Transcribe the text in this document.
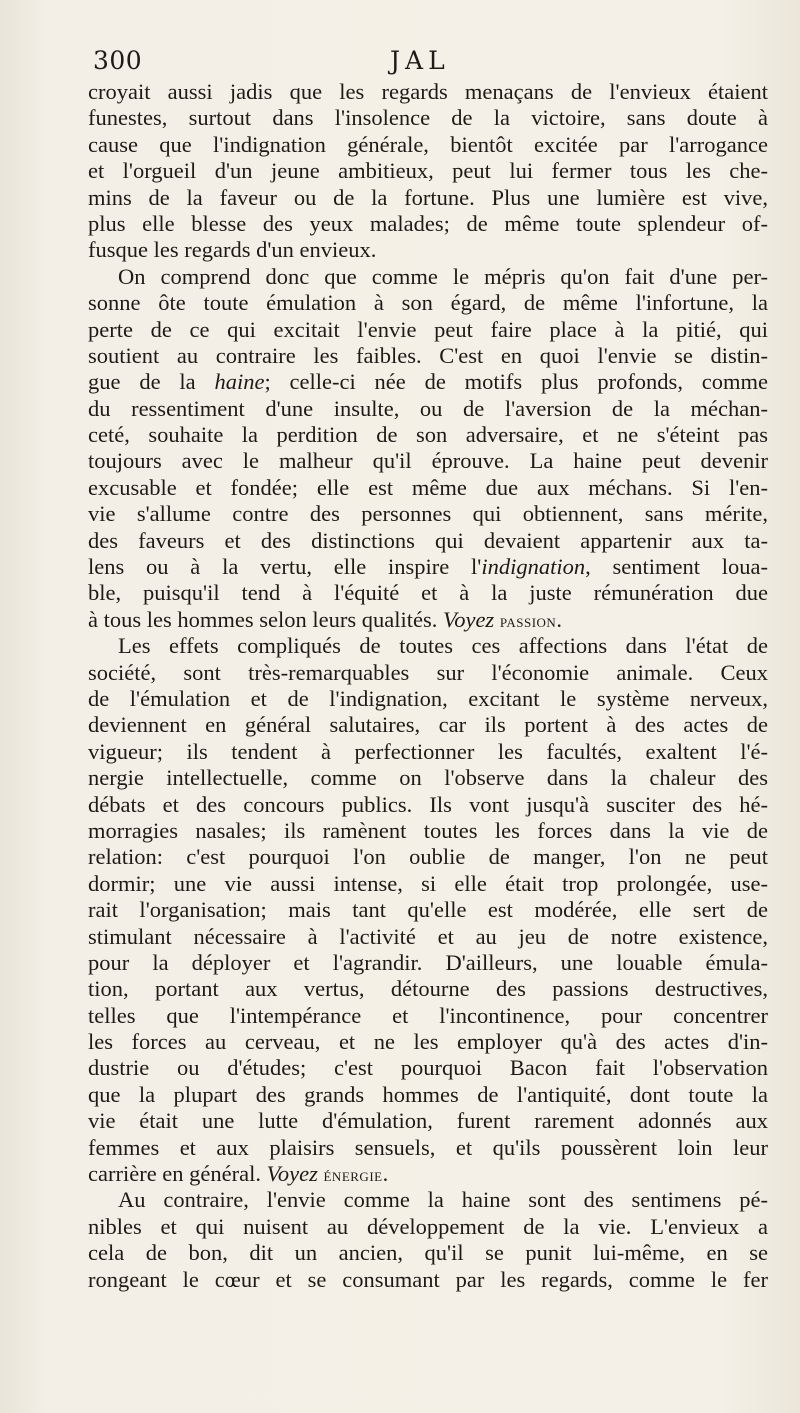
300	JAL
croyait aussi jadis que les regards menaçans de l'envieux étaient
funestes, surtout dans l'insolence de la victoire, sans doute à
cause que l'indignation générale, bientôt excitée par l'arrogance
et l'orgueil d'un jeune ambitieux, peut lui fermer tous les che-
mins de la faveur ou de la fortune. Plus une lumière est vive,
plus elle blesse des yeux malades; de même toute splendeur of-
fusque les regards d'un envieux.
On comprend donc que comme le mépris qu'on fait d'une per-
sonne ôte toute émulation à son égard, de même l'infortune, la
perte de ce qui excitait l'envie peut faire place à la pitié, qui
soutient au contraire les faibles. C'est en quoi l'envie se distin-
gue de la haine; celle-ci née de motifs plus profonds, comme
du ressentiment d'une insulte, ou de l'aversion de la méchan-
ceté, souhaite la perdition de son adversaire, et ne s'éteint pas
toujours avec le malheur qu'il éprouve. La haine peut devenir
excusable et fondée; elle est même due aux méchans. Si l'en-
vie s'allume contre des personnes qui obtiennent, sans mérite,
des faveurs et des distinctions qui devaient appartenir aux ta-
lens ou à la vertu, elle inspire l'indignation, sentiment loua-
ble, puisqu'il tend à l'équité et à la juste rémunération due
à tous les hommes selon leurs qualités. Voyez passion.
Les effets compliqués de toutes ces affections dans l'état de
société, sont très-remarquables sur l'économie animale. Ceux
de l'émulation et de l'indignation, excitant le système nerveux,
deviennent en général salutaires, car ils portent à des actes de
vigueur; ils tendent à perfectionner les facultés, exaltent l'é-
nergie intellectuelle, comme on l'observe dans la chaleur des
débats et des concours publics. Ils vont jusqu'à susciter des hé-
morragies nasales; ils ramènent toutes les forces dans la vie de
relation: c'est pourquoi l'on oublie de manger, l'on ne peut
dormir; une vie aussi intense, si elle était trop prolongée, use-
rait l'organisation; mais tant qu'elle est modérée, elle sert de
stimulant nécessaire à l'activité et au jeu de notre existence,
pour la déployer et l'agrandir. D'ailleurs, une louable émula-
tion, portant aux vertus, détourne des passions destructives,
telles que l'intempérance et l'incontinence, pour concentrer
les forces au cerveau, et ne les employer qu'à des actes d'in-
dustrie ou d'études; c'est pourquoi Bacon fait l'observation
que la plupart des grands hommes de l'antiquité, dont toute la
vie était une lutte d'émulation, furent rarement adonnés aux
femmes et aux plaisirs sensuels, et qu'ils poussèrent loin leur
carrière en général. Voyez énergie.
Au contraire, l'envie comme la haine sont des sentimens pé-
nibles et qui nuisent au développement de la vie. L'envieux a
cela de bon, dit un ancien, qu'il se punit lui-même, en se
rongeant le cœur et se consumant par les regards, comme le fer
